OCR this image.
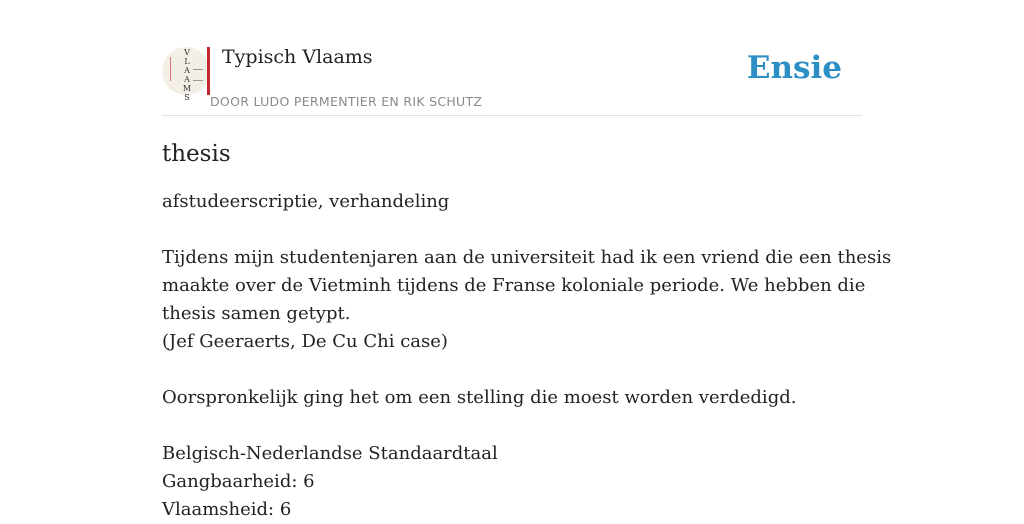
V
L
A
A
M
S
Typisch Vlaams
DOOR LUDO PERMENTIER EN RIK SCHUTZ
Ensie
thesis
afstudeerscriptie, verhandeling
Tijdens mijn studentenjaren aan de universiteit had ik een vriend die een thesis
maakte over de Vietminh tijdens de Franse koloniale periode. We hebben die
thesis samen getypt.
(Jef Geeraerts, De Cu Chi case)
Oorspronkelijk ging het om een stelling die moest worden verdedigd.
Belgisch-Nederlandse Standaardtaal
Gangbaarheid: 6
Vlaamsheid: 6
